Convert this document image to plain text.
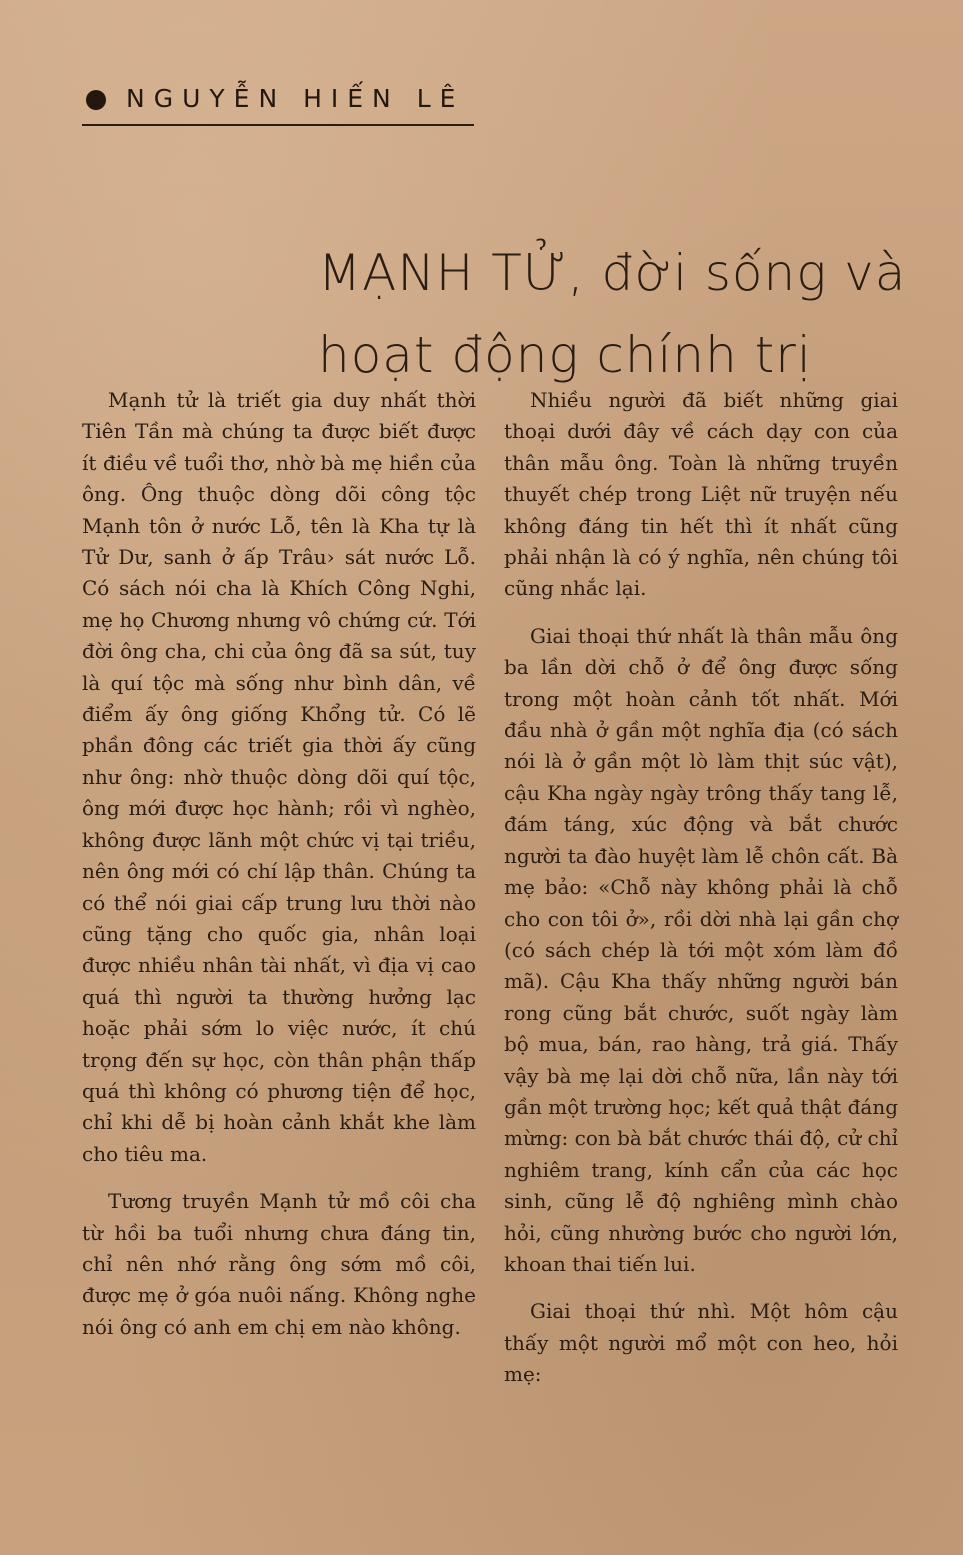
NGUYỄN HIẾN LÊ
MẠNH TỬ, đời sống và
hoạt động chính trị

Mạnh tử là triết gia duy nhất thời Tiên Tần mà chúng ta được biết được ít điều về tuổi thơ, nhờ bà mẹ hiền của ông. Ông thuộc dòng dõi công tộc Mạnh tôn ở nước Lỗ, tên là Kha tự là Tử Dư, sanh ở ấp Trâu› sát nước Lỗ. Có sách nói cha là Khích Công Nghi, mẹ họ Chương nhưng vô chứng cứ. Tới đời ông cha, chi của ông đã sa sút, tuy là quí tộc mà sống như bình dân, về điểm ấy ông giống Khổng tử. Có lẽ phần đông các triết gia thời ấy cũng như ông: nhờ thuộc dòng dõi quí tộc, ông mới được học hành; rồi vì nghèo, không được lãnh một chức vị tại triều, nên ông mới có chí lập thân. Chúng ta có thể nói giai cấp trung lưu thời nào cũng tặng cho quốc gia, nhân loại được nhiều nhân tài nhất, vì địa vị cao quá thì người ta thường hưởng lạc hoặc phải sớm lo việc nước, ít chú trọng đến sự học, còn thân phận thấp quá thì không có phương tiện để học, chỉ khi dễ bị hoàn cảnh khắt khe làm cho tiêu ma.

Tương truyền Mạnh tử mồ côi cha từ hồi ba tuổi nhưng chưa đáng tin, chỉ nên nhớ rằng ông sớm mồ côi, được mẹ ở góa nuôi nấng. Không nghe nói ông có anh em chị em nào không.

Nhiều người đã biết những giai thoại dưới đây về cách dạy con của thân mẫu ông. Toàn là những truyền thuyết chép trong Liệt nữ truyện nếu không đáng tin hết thì ít nhất cũng phải nhận là có ý nghĩa, nên chúng tôi cũng nhắc lại.

Giai thoại thứ nhất là thân mẫu ông ba lần dời chỗ ở để ông được sống trong một hoàn cảnh tốt nhất. Mới đầu nhà ở gần một nghĩa địa (có sách nói là ở gần một lò làm thịt súc vật), cậu Kha ngày ngày trông thấy tang lễ, đám táng, xúc động và bắt chước người ta đào huyệt làm lễ chôn cất. Bà mẹ bảo: «Chỗ này không phải là chỗ cho con tôi ở», rồi dời nhà lại gần chợ (có sách chép là tới một xóm làm đồ mã). Cậu Kha thấy những người bán rong cũng bắt chước, suốt ngày làm bộ mua, bán, rao hàng, trả giá. Thấy vậy bà mẹ lại dời chỗ nữa, lần này tới gần một trường học; kết quả thật đáng mừng: con bà bắt chước thái độ, cử chỉ nghiêm trang, kính cẩn của các học sinh, cũng lễ độ nghiêng mình chào hỏi, cũng nhường bước cho người lớn, khoan thai tiến lui.

Giai thoại thứ nhì. Một hôm cậu thấy một người mổ một con heo, hỏi mẹ:
